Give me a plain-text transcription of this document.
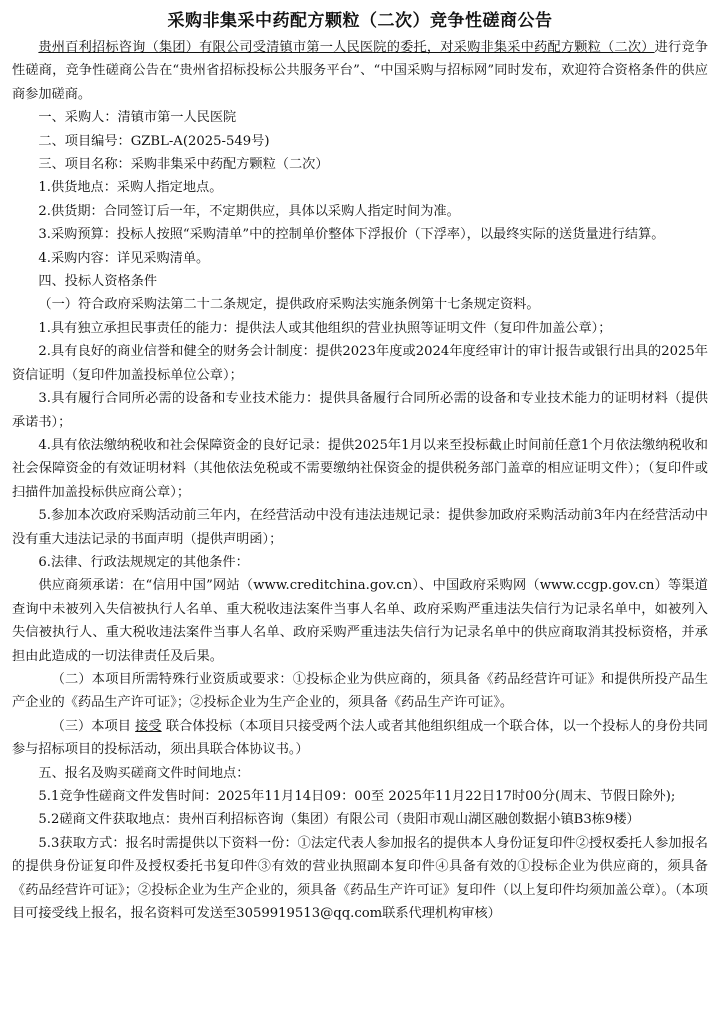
采购非集采中药配方颗粒（二次）竞争性磋商公告

贵州百利招标咨询（集团）有限公司受清镇市第一人民医院的委托，对采购非集采中药配方颗粒（二次）进行竞争性磋商，竞争性磋商公告在“贵州省招标投标公共服务平台”、“中国采购与招标网”同时发布，欢迎符合资格条件的供应商参加磋商。

一、采购人：清镇市第一人民医院

二、项目编号：GZBL-A(2025-549号)

三、项目名称：采购非集采中药配方颗粒（二次）

1.供货地点：采购人指定地点。

2.供货期：合同签订后一年，不定期供应，具体以采购人指定时间为准。

3.采购预算：投标人按照“采购清单”中的控制单价整体下浮报价（下浮率），以最终实际的送货量进行结算。

4.采购内容：详见采购清单。

四、投标人资格条件

（一）符合政府采购法第二十二条规定，提供政府采购法实施条例第十七条规定资料。

1.具有独立承担民事责任的能力：提供法人或其他组织的营业执照等证明文件（复印件加盖公章）；

2.具有良好的商业信誉和健全的财务会计制度：提供2023年度或2024年度经审计的审计报告或银行出具的2025年资信证明（复印件加盖投标单位公章）；

3.具有履行合同所必需的设备和专业技术能力：提供具备履行合同所必需的设备和专业技术能力的证明材料（提供承诺书）；

4.具有依法缴纳税收和社会保障资金的良好记录：提供2025年1月以来至投标截止时间前任意1个月依法缴纳税收和社会保障资金的有效证明材料（其他依法免税或不需要缴纳社保资金的提供税务部门盖章的相应证明文件）；（复印件或扫描件加盖投标供应商公章）；

5.参加本次政府采购活动前三年内，在经营活动中没有违法违规记录：提供参加政府采购活动前3年内在经营活动中没有重大违法记录的书面声明（提供声明函）；

6.法律、行政法规规定的其他条件：

供应商须承诺：在“信用中国”网站（www.creditchina.gov.cn）、中国政府采购网（www.ccgp.gov.cn）等渠道查询中未被列入失信被执行人名单、重大税收违法案件当事人名单、政府采购严重违法失信行为记录名单中，如被列入失信被执行人、重大税收违法案件当事人名单、政府采购严重违法失信行为记录名单中的供应商取消其投标资格，并承担由此造成的一切法律责任及后果。

（二）本项目所需特殊行业资质或要求：①投标企业为供应商的，须具备《药品经营许可证》和提供所投产品生产企业的《药品生产许可证》；②投标企业为生产企业的，须具备《药品生产许可证》。

（三）本项目 接受 联合体投标（本项目只接受两个法人或者其他组织组成一个联合体，以一个投标人的身份共同参与招标项目的投标活动，须出具联合体协议书。）

五、报名及购买磋商文件时间地点：

5.1竞争性磋商文件发售时间：2025年11月14日09：00至 2025年11月22日17时00分(周末、节假日除外);

5.2磋商文件获取地点：贵州百利招标咨询（集团）有限公司（贵阳市观山湖区融创数据小镇B3栋9楼）

5.3获取方式：报名时需提供以下资料一份：①法定代表人参加报名的提供本人身份证复印件②授权委托人参加报名的提供身份证复印件及授权委托书复印件③有效的营业执照副本复印件④具备有效的①投标企业为供应商的，须具备《药品经营许可证》；②投标企业为生产企业的，须具备《药品生产许可证》复印件（以上复印件均须加盖公章）。（本项目可接受线上报名，报名资料可发送至3059919513@qq.com联系代理机构审核）
